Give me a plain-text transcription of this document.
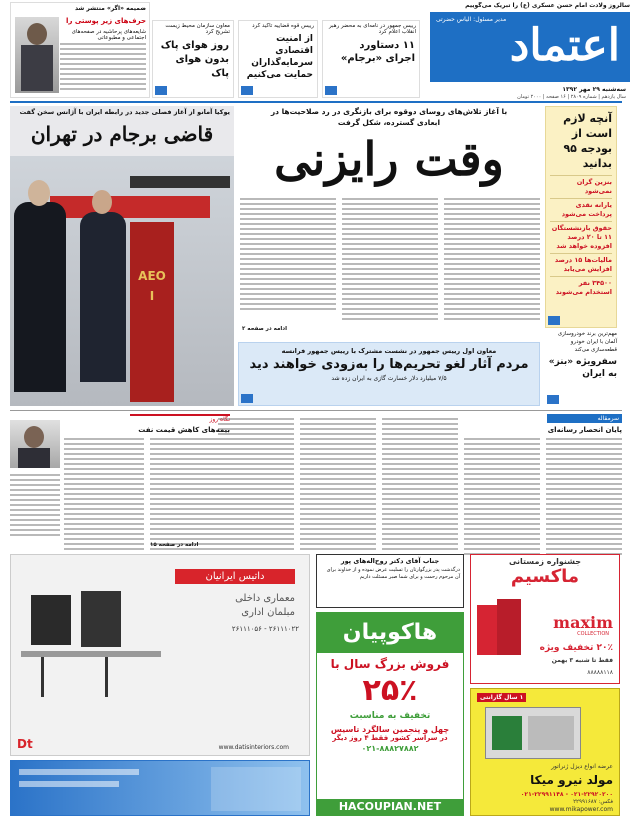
سالروز ولادت امام حسن عسکری (ع) را تبریک می‌گوییم
اعتماد
مدیر مسئول: الیاس حضرتی
سه‌شنبه ۲۹ مهر ۱۳۹۲
سال یازدهم | شماره ۲۸۰۹ | ۱۶ صفحه | ۲۰۰۰ تومان
رییس جمهور در نامه‌ای به محضر رهبر انقلاب اعلام کرد
۱۱ دستاورد اجرای «برجام»
رییس قوه قضاییه تاکید کرد
از امنیت اقتصادی سرمایه‌گذاران حمایت می‌کنیم
معاون سازمان محیط زیست تشریح کرد
روز هوای پاک بدون هوای پاک
ضمیمه «اگر» منتشر شد
حرف‌های زیر پوستی را
شایعه‌های پرحاشیه در صفحه‌های اجتماعی و مطبوعاتی
آنچه لازم است از بودجه ۹۵ بدانید
بنزین گران نمی‌شود
یارانه نقدی پرداخت می‌شود
حقوق بازنشستگان ۱۱ تا ۲۰ درصد افزوده خواهد شد
مالیات‌ها ۱۵ درصد افزایش می‌یابد
۳۴۵۰۰ نفر استخدام می‌شوند
مهم‌ترین برند خودروسازی آلمان با ایران خودرو قطعه‌سازی می‌کند
سفرویژه «بنز» به ایران
با آغاز تلاش‌های روسای دوقوه برای بازنگری در رد صلاحیت‌ها در ابعادی گسترده، شکل گرفت
وقت رایزنی
ادامه در صفحه ۲
معاون اول رییس جمهور در نشست مشترک با رییس جمهور فرانسه
مردم آثار لغو تحریم‌ها را به‌زودی خواهند دید
۷/۵ میلیارد دلار خسارت گازی به ایران زده شد
یوکیا آمانو از آغاز فصلی جدید در رابطه ایران با آژانس سخن گفت
قاضی برجام در تهران
AEOI
سرمقاله
پایان انحصار رسانه‌ای
نگاه روز
بیمه‌های کاهش قیمت نفت
ادامه در صفحه ۱۵
داتیس ایرانیان
معماری داخلی
مبلمان اداری
۲۶۱۱۱۰۲۲ - ۲۶۱۱۱۰۵۶
www.datisinteriors.com
Dt
جناب آقای دکتر روح‌اله‌های پور
درگذشت پدر بزرگوارتان را تسلیت عرض نموده و از خداوند برای آن مرحوم رحمت و برای شما صبر مسئلت داریم
هاکوپیان
فروش بزرگ سال با
۲۵٪
تخفیف به مناسبت
چهل و پنجمین سالگرد تاسیس
در سراسر کشور فقط ۴ روز دیگر
۰۲۱-۸۸۸۲۷۸۸۲
HACOUPIAN.NET
جشنواره زمستانی
ماکسیم
maxim
COLLECTION
۲۰٪ تخفیف ویژه
فقط تا شنبه ۳ بهمن
۸۸۸۸۸۱۱۸
۱ سال گارانتی
عرضه انواع دیزل ژنراتور
مولد نیرو میکا
۰۲۱-۲۲۹۲۰۲۰۰ - ۰۲۱-۲۲۹۹۱۱۴۸
فکس: ۲۲۹۹۱۶۸۷
www.mikapower.com
